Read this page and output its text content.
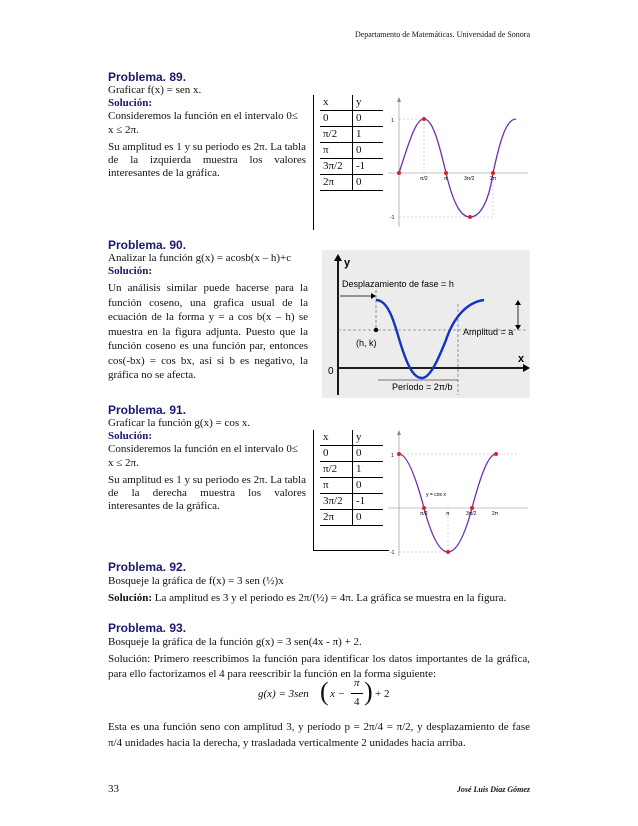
Departamento de Matemáticas. Universidad de Sonora
Problema. 89.
Graficar f(x) = sen x.
Solución:
Consideremos la función en el intervalo 0≤
x ≤ 2π.
Su amplitud es 1 y su periodo es 2π. La tabla de la izquierda muestra los valores interesantes de la gráfica.
x	y
0	0
π/2	1
π	0
3π/2	-1
2π	0
1
π/2	π	3π/2	2π
-1
Problema. 90.
Analizar la función g(x) = acosb(x – h)+c
Solución:
Un análisis similar puede hacerse para la función coseno, una grafica usual de la ecuación de la forma y = a cos b(x – h) se muestra en la figura adjunta. Puesto que la función coseno es una función par, entonces cos(-bx) = cos bx, así si b es negativo, la gráfica no se afecta.
y
x
0
Desplazamiento de fase = h
(h, k)
Amplitud = a
Período = 2π/b
Problema. 91.
Graficar la función g(x) = cos x.
Solución:
Consideremos la función en el intervalo 0≤
x ≤ 2π.
Su amplitud es 1 y su periodo es 2π. La tabla de la derecha muestra los valores interesantes de la gráfica.
x	y
0	0
π/2	1
π	0
3π/2	-1
2π	0
y = cos x
1
π/2	π	3π/2	2π
-1
Problema. 92.
Bosqueje la gráfica de f(x) = 3 sen (½)x
Solución: La amplitud es 3 y el periodo es 2π/(½) = 4π. La gráfica se muestra en la figura.
Problema. 93.
Bosqueje la gráfica de la función g(x) = 3 sen(4x - π) + 2.
Solución: Primero reescribimos la función para identificar los datos importantes de la gráfica, para ello factorizamos el 4 para reescribir la función en la forma siguiente:
g(x) = 3sen ( x −
π
4 ) + 2
Esta es una función seno con amplitud 3, y período p = 2π/4 = π/2, y desplazamiento de fase π/4 unidades hacia la derecha, y trasladada verticalmente 2 unidades hacia arriba.
33	José Luis Díaz Gómez
